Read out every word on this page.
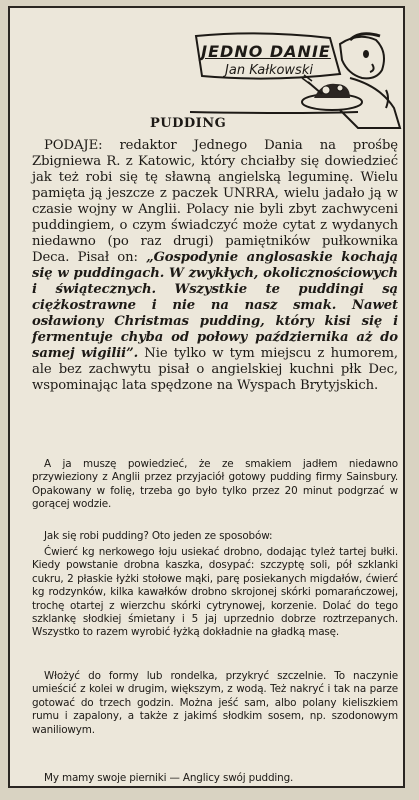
JEDNO DANIE
Jan Kałkowski
PUDDING
PODAJE: redaktor Jednego Dania na prośbę Zbigniewa R. z Katowic, który chciałby się dowiedzieć jak też robi się tę sławną angielską leguminę. Wielu pamięta ją jeszcze z paczek UNRRA, wielu jadało ją w czasie wojny w Anglii. Polacy nie byli zbyt zachwyceni puddingiem, o czym świadczyć może cytat z wydanych niedawno (po raz drugi) pamiętników pułkownika Deca. Pisał on: „Gospodynie anglosaskie kochają się w puddingach. W zwykłych, okolicznościowych i świątecznych. Wszystkie te puddingi są ciężkostrawne i nie na nasz smak. Nawet osławiony Christmas pudding, który kisi się i fermentuje chyba od połowy października aż do samej wigilii”. Nie tylko w tym miejscu z humorem, ale bez zachwytu pisał o angielskiej kuchni płk Dec, wspominając lata spędzone na Wyspach Brytyjskich.
A ja muszę powiedzieć, że ze smakiem jadłem niedawno przywieziony z Anglii przez przyjaciół gotowy pudding firmy Sainsbury. Opakowany w folię, trzeba go było tylko przez 20 minut podgrzać w gorącej wodzie.
Jak się robi pudding? Oto jeden ze sposobów:
Ćwierć kg nerkowego łoju usiekać drobno, dodając tyleż tartej bułki. Kiedy powstanie drobna kaszka, dosypać: szczyptę soli, pół szklanki cukru, 2 płaskie łyżki stołowe mąki, parę posiekanych migdałów, ćwierć kg rodzynków, kilka kawałków drobno skrojonej skórki pomarańczowej, trochę otartej z wierzchu skórki cytrynowej, korzenie. Dolać do tego szklankę słodkiej śmietany i 5 jaj uprzednio dobrze roztrzepanych. Wszystko to razem wyrobić łyżką dokładnie na gładką masę.
Włożyć do formy lub rondelka, przykryć szczelnie. To naczynie umieścić z kolei w drugim, większym, z wodą. Też nakryć i tak na parze gotować do trzech godzin. Można jeść sam, albo polany kieliszkiem rumu i zapalony, a także z jakimś słodkim sosem, np. szodonowym waniliowym.
My mamy swoje pierniki — Anglicy swój pudding.
